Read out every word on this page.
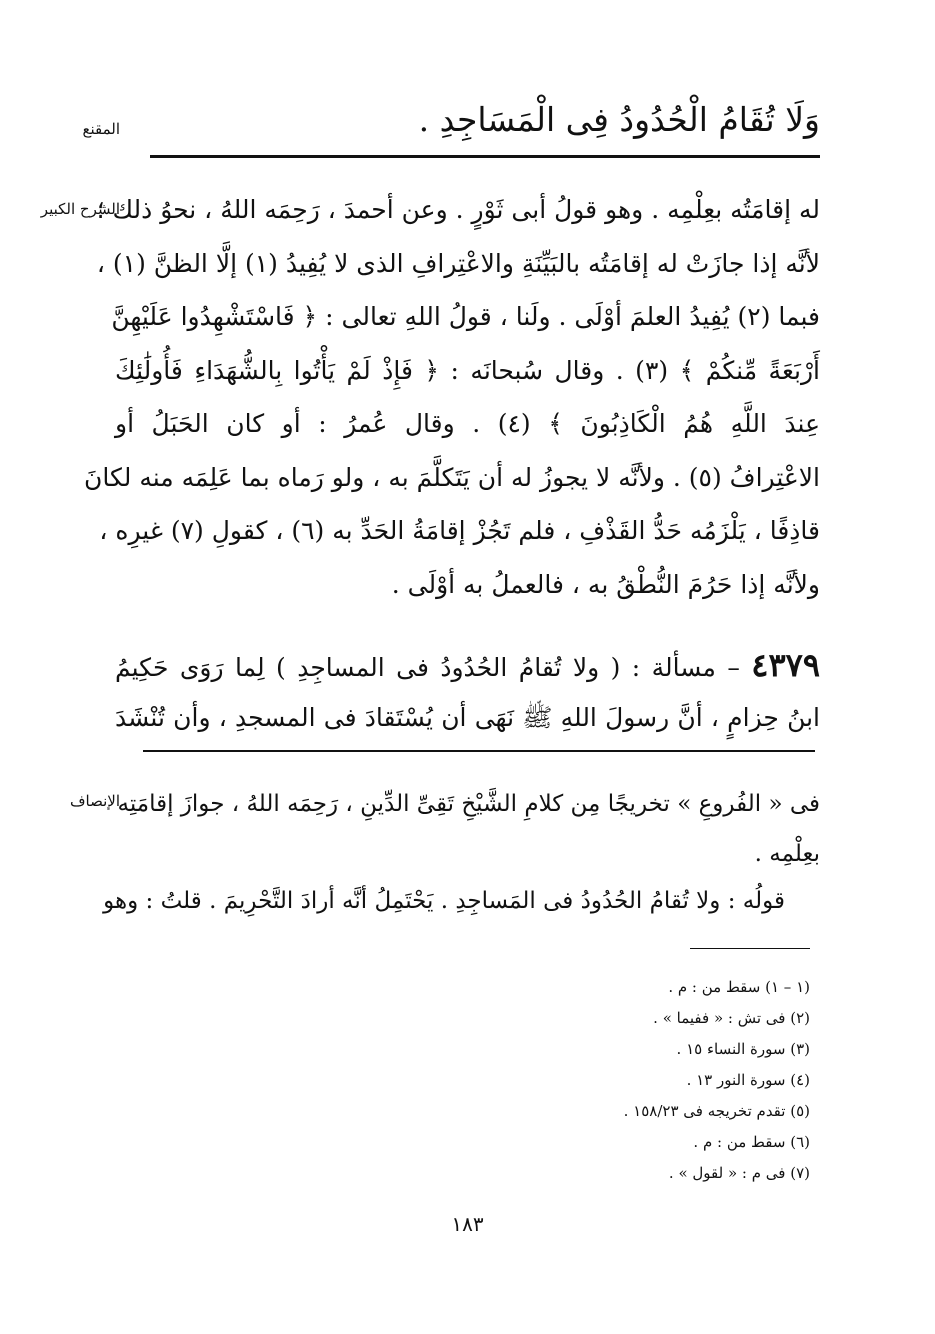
وَلَا تُقَامُ الْحُدُودُ فِى الْمَسَاجِدِ .
المقنع
الشرح الكبير
له إقامَتُه بعِلْمِه . وهو قولُ أبى ثَوْرٍ . وعن أحمدَ ، رَحِمَه اللهُ ، نحوُ ذلك ؛
لأنَّه إذا جازَتْ له إقامَتُه بالبَيِّنَةِ والاعْتِرافِ الذى لا يُفِيدُ (١) إلَّا الظنَّ (١) ،
فبما (٢) يُفِيدُ العلمَ أوْلَى . ولَنا ، قولُ اللهِ تعالى : ﴿ فَاسْتَشْهِدُوا عَلَيْهِنَّ
أَرْبَعَةً مِّنكُمْ ﴾ (٣) . وقال سُبحانَه : ﴿ فَإِذْ لَمْ يَأْتُوا بِالشُّهَدَاءِ فَأُولَٰئِكَ
عِندَ اللَّهِ هُمُ الْكَاذِبُونَ ﴾ (٤) . وقال عُمرُ : أو كان الحَبَلُ أو
الاعْتِرافُ (٥) . ولأنَّه لا يجوزُ له أن يَتَكلَّمَ به ، ولو رَماه بما عَلِمَه منه لكانَ
قاذِفًا ، يَلْزَمُه حَدُّ القَذْفِ ، فلم تَجُزْ إقامَةُ الحَدِّ به (٦) ، كقولِ (٧) غيرِه ،
ولأنَّه إذا حَرُمَ النُّطْقُ به ، فالعملُ به أوْلَى .
٤٣٧٩ – مسألة : ( ولا تُقامُ الحُدُودُ فى المساجِدِ ) لِما رَوَى حَكِيمُ
ابنُ حِزامٍ ، أنَّ رسولَ اللهِ ﷺ نَهَى أن يُسْتَقادَ فى المسجدِ ، وأن تُنْشَدَ
الإنصاف
فى « الفُروعِ » تخريجًا مِن كلامِ الشَّيْخِ تَقِىِّ الدِّينِ ، رَحِمَه اللهُ ، جوازَ إقامَتِه
بعِلْمِه .
قولُه : ولا تُقامُ الحُدُودُ فى المَساجِدِ . يَحْتَمِلُ أنَّه أرادَ التَّحْرِيمَ . قلتُ : وهو
(١ – ١) سقط من : م .
(٢) فى تش : « ففيما » .
(٣) سورة النساء ١٥ .
(٤) سورة النور ١٣ .
(٥) تقدم تخريجه فى ١٥٨/٢٣ .
(٦) سقط من : م .
(٧) فى م : « لقول » .
١٨٣
